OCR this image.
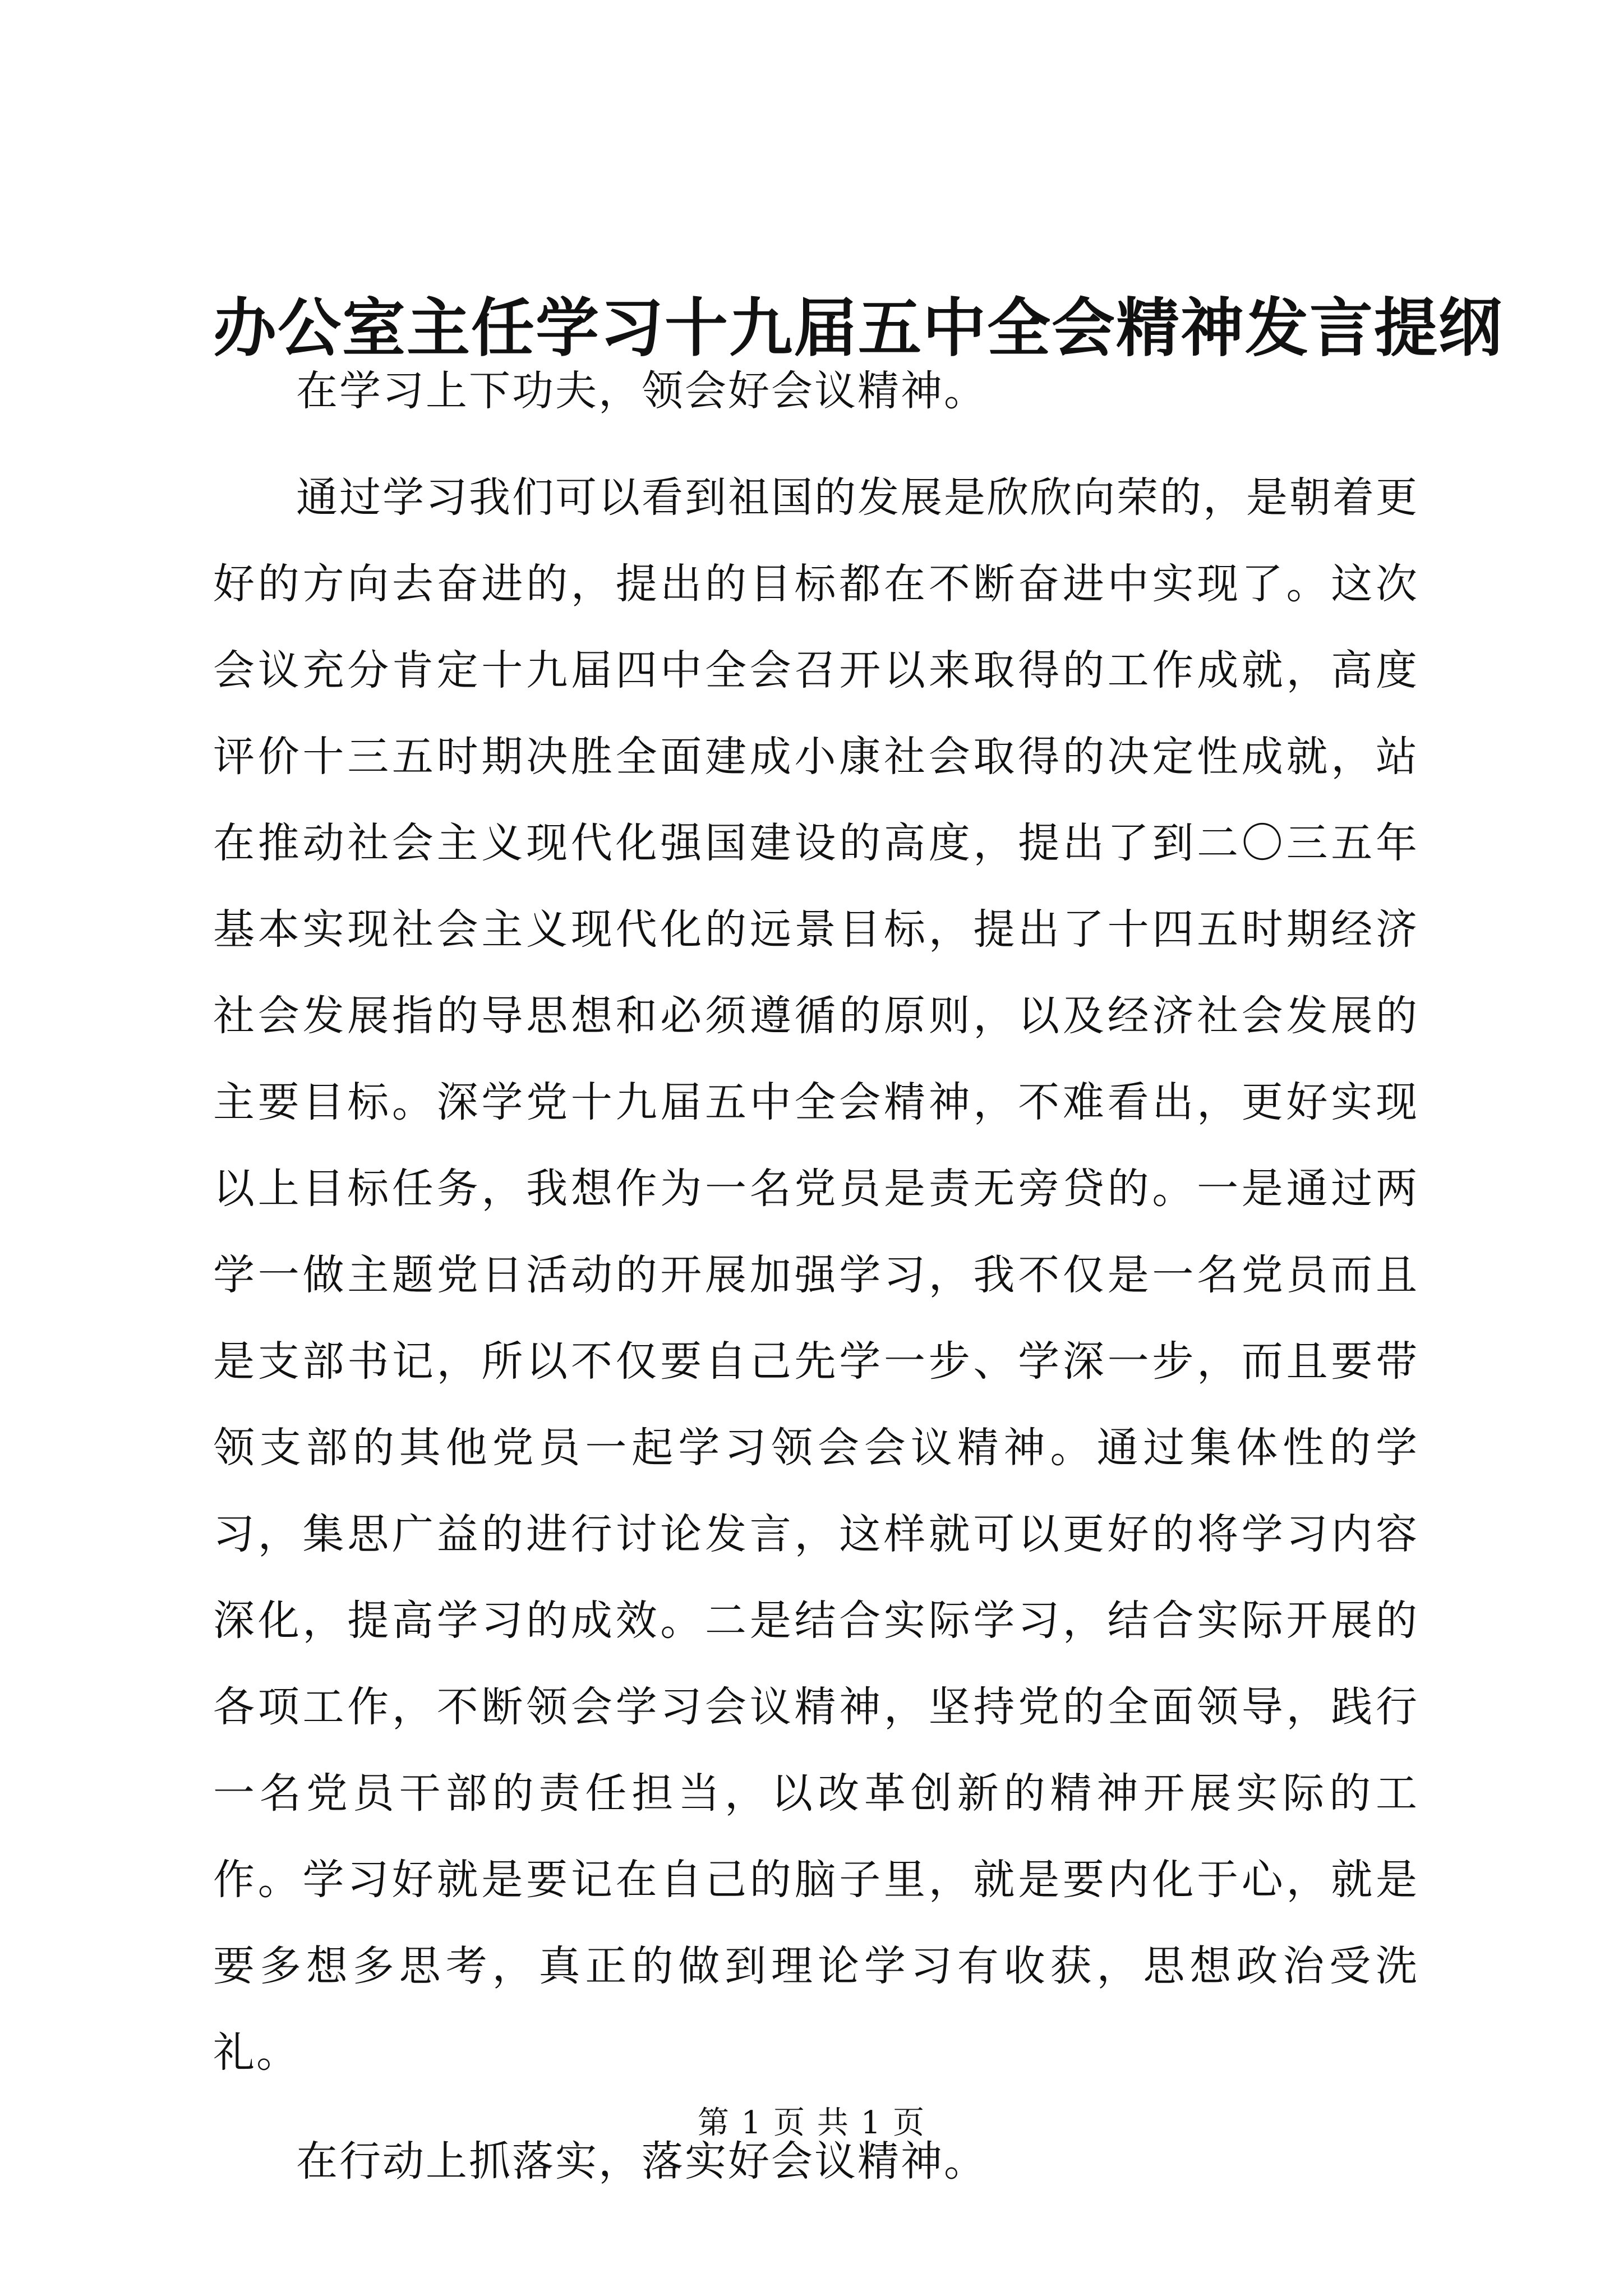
办公室主任学习十九届五中全会精神发言提纲

在学习上下功夫，领会好会议精神。

通过学习我们可以看到祖国的发展是欣欣向荣的，是朝着更好的方向去奋进的，提出的目标都在不断奋进中实现了。这次会议充分肯定十九届四中全会召开以来取得的工作成就，高度评价十三五时期决胜全面建成小康社会取得的决定性成就，站在推动社会主义现代化强国建设的高度，提出了到二〇三五年基本实现社会主义现代化的远景目标，提出了十四五时期经济社会发展指的导思想和必须遵循的原则，以及经济社会发展的主要目标。深学党十九届五中全会精神，不难看出，更好实现以上目标任务，我想作为一名党员是责无旁贷的。一是通过两学一做主题党日活动的开展加强学习，我不仅是一名党员而且是支部书记，所以不仅要自己先学一步、学深一步，而且要带领支部的其他党员一起学习领会会议精神。通过集体性的学习，集思广益的进行讨论发言，这样就可以更好的将学习内容深化，提高学习的成效。二是结合实际学习，结合实际开展的各项工作，不断领会学习会议精神，坚持党的全面领导，践行一名党员干部的责任担当，以改革创新的精神开展实际的工作。学习好就是要记在自己的脑子里，就是要内化于心，就是要多想多思考，真正的做到理论学习有收获，思想政治受洗礼。

在行动上抓落实，落实好会议精神。

第 1 页 共 1 页
